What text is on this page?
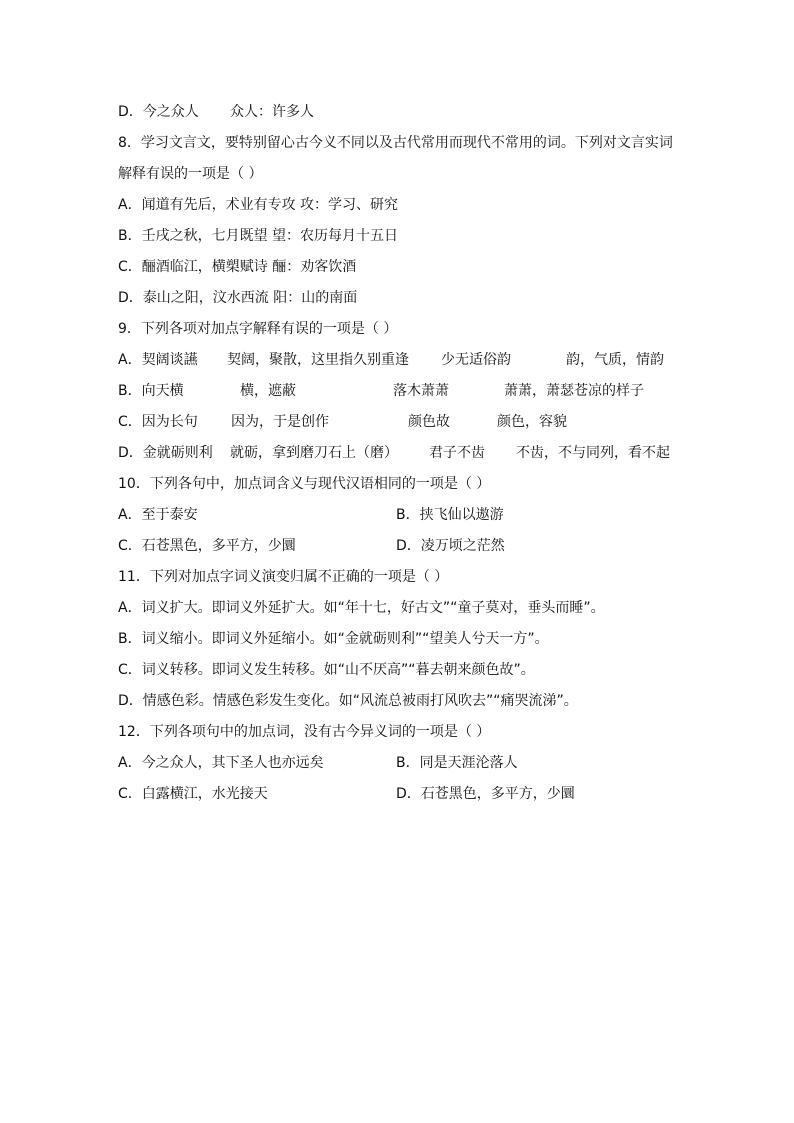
D．今之众人 众人：许多人
8．学习文言文，要特别留心古今义不同以及古代常用而现代不常用的词。下列对文言实词
解释有误的一项是（ ）
A．闻道有先后，术业有专攻 攻：学习、研究
B．壬戌之秋，七月既望 望：农历每月十五日
C．酾酒临江，横槊赋诗 酾：劝客饮酒
D．泰山之阳，汶水西流 阳：山的南面
9．下列各项对加点字解释有误的一项是（ ）
A．契阔谈讌 契阔，聚散，这里指久别重逢 少无适俗韵	韵，气质，情韵
B．向天横	横，遮蔽	落木萧萧	萧萧，萧瑟苍凉的样子
C．因为长句 因为，于是创作	颜色故	颜色，容貌
D．金就砺则利 就砺，拿到磨刀石上（磨） 君子不齿 不齿，不与同列，看不起
10．下列各句中，加点词含义与现代汉语相同的一项是（ ）
A．至于泰安	B．挟飞仙以遨游
C．石苍黑色，多平方，少圜	D．凌万顷之茫然
11．下列对加点字词义演变归属不正确的一项是（ ）
A．词义扩大。即词义外延扩大。如“年十七，好古文”“童子莫对，垂头而睡”。
B．词义缩小。即词义外延缩小。如“金就砺则利”“望美人兮天一方”。
C．词义转移。即词义发生转移。如“山不厌高”“暮去朝来颜色故”。
D．情感色彩。情感色彩发生变化。如“风流总被雨打风吹去”“痛哭流涕”。
12．下列各项句中的加点词，没有古今异义词的一项是（ ）
A．今之众人，其下圣人也亦远矣	B．同是天涯沦落人
C．白露横江，水光接天	D．石苍黑色，多平方，少圜
